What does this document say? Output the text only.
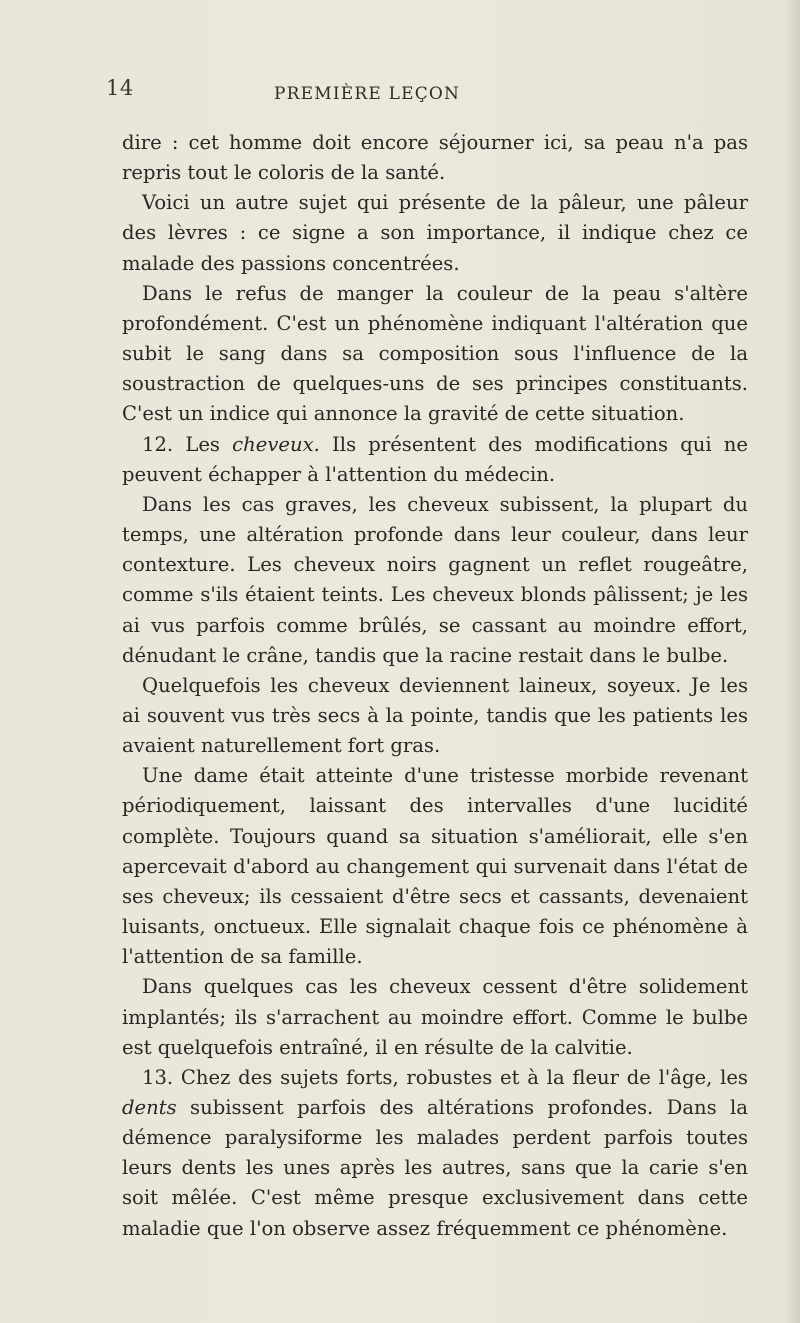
14	PREMIÈRE LEÇON

dire : cet homme doit encore séjourner ici, sa peau n'a pas repris tout le coloris de la santé.

Voici un autre sujet qui présente de la pâleur, une pâleur des lèvres : ce signe a son importance, il indique chez ce malade des passions concentrées.

Dans le refus de manger la couleur de la peau s'altère profondément. C'est un phénomène indiquant l'altération que subit le sang dans sa composition sous l'influence de la soustraction de quelques-uns de ses principes constituants. C'est un indice qui annonce la gravité de cette situation.

12. Les cheveux. Ils présentent des modifications qui ne peuvent échapper à l'attention du médecin.

Dans les cas graves, les cheveux subissent, la plupart du temps, une altération profonde dans leur couleur, dans leur contexture. Les cheveux noirs gagnent un reflet rougeâtre, comme s'ils étaient teints. Les cheveux blonds pâlissent; je les ai vus parfois comme brûlés, se cassant au moindre effort, dénudant le crâne, tandis que la racine restait dans le bulbe.

Quelquefois les cheveux deviennent laineux, soyeux. Je les ai souvent vus très secs à la pointe, tandis que les patients les avaient naturellement fort gras.

Une dame était atteinte d'une tristesse morbide revenant périodiquement, laissant des intervalles d'une lucidité complète. Toujours quand sa situation s'améliorait, elle s'en apercevait d'abord au changement qui survenait dans l'état de ses cheveux; ils cessaient d'être secs et cassants, devenaient luisants, onctueux. Elle signalait chaque fois ce phénomène à l'attention de sa famille.

Dans quelques cas les cheveux cessent d'être solidement implantés; ils s'arrachent au moindre effort. Comme le bulbe est quelquefois entraîné, il en résulte de la calvitie.

13. Chez des sujets forts, robustes et à la fleur de l'âge, les dents subissent parfois des altérations profondes. Dans la démence paralysiforme les malades perdent parfois toutes leurs dents les unes après les autres, sans que la carie s'en soit mêlée. C'est même presque exclusivement dans cette maladie que l'on observe assez fréquemment ce phénomène.
